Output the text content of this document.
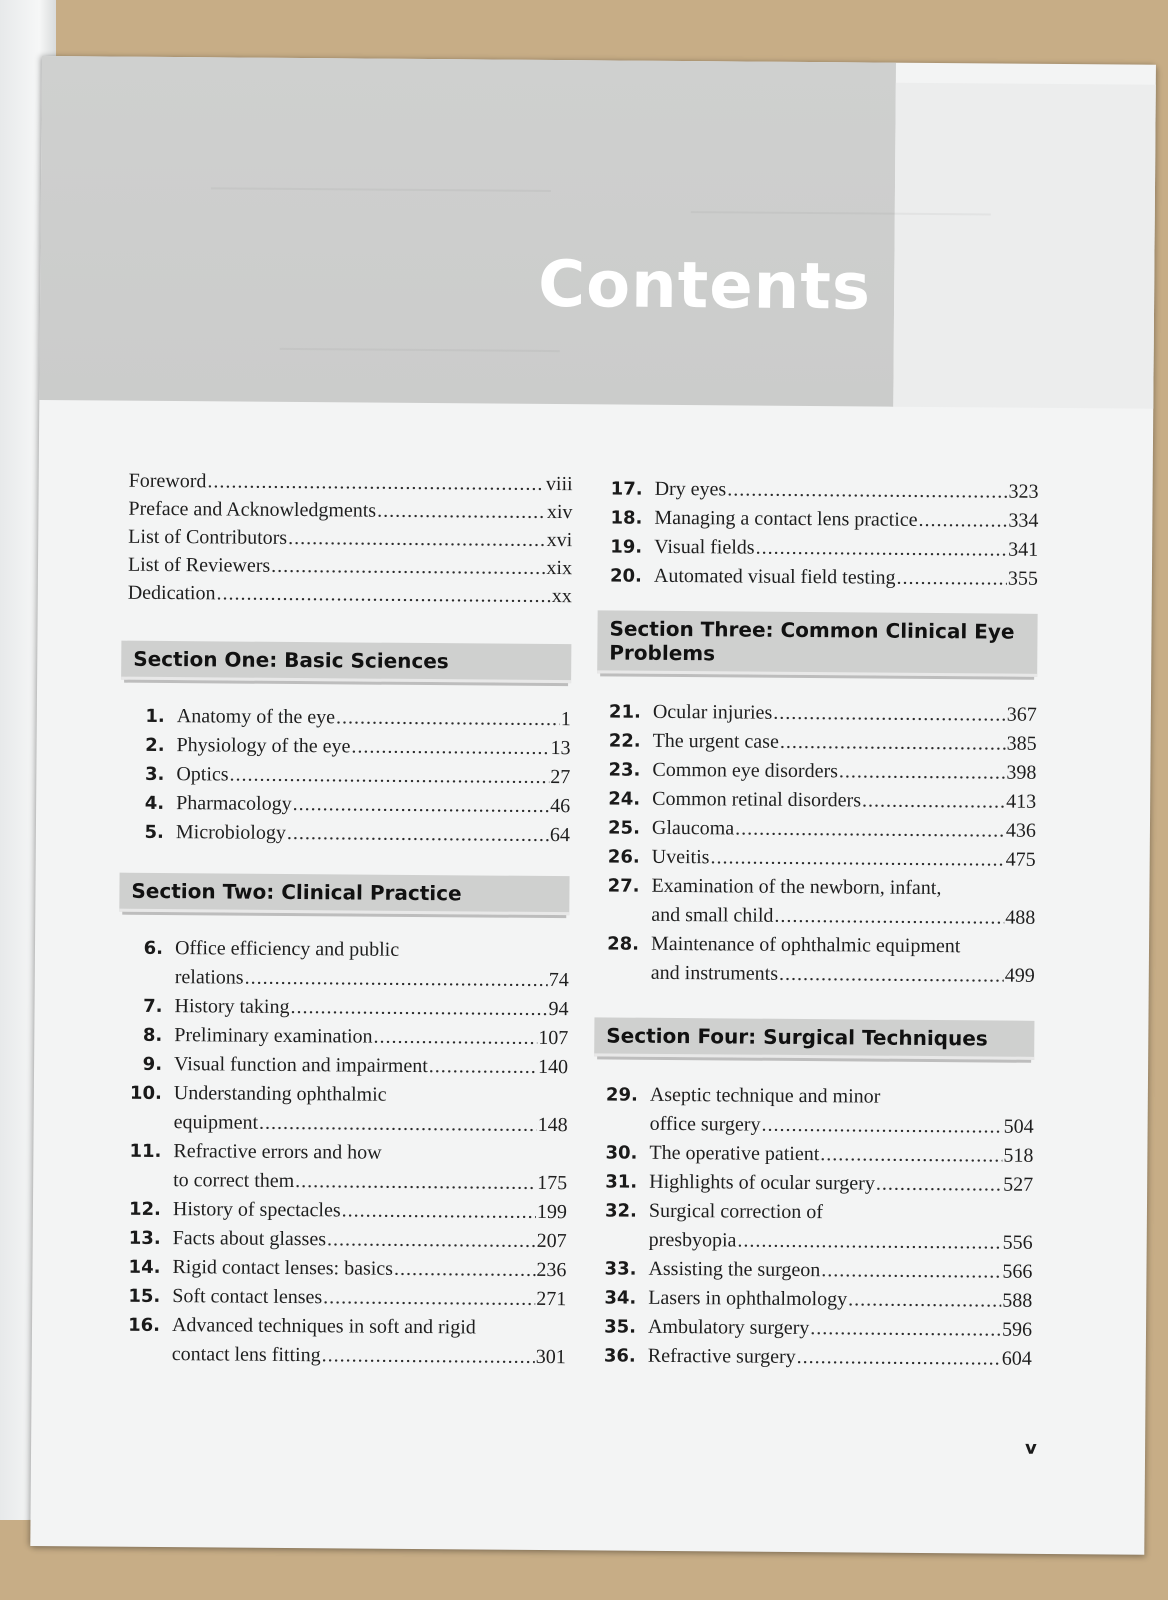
Contents
Foreword .....	viii
Preface and Acknowledgments .....	xiv
List of Contributors .....	xvi
List of Reviewers .....	xix
Dedication .....	xx
Section One: Basic Sciences
1. Anatomy of the eye .....	1
2. Physiology of the eye .....	13
3. Optics .....	27
4. Pharmacology .....	46
5. Microbiology .....	64
Section Two: Clinical Practice
6. Office efficiency and public
relations .....	74
7. History taking .....	94
8. Preliminary examination .....	107
9. Visual function and impairment .....	140
10. Understanding ophthalmic
equipment .....	148
11. Refractive errors and how
to correct them .....	175
12. History of spectacles .....	199
13. Facts about glasses .....	207
14. Rigid contact lenses: basics .....	236
15. Soft contact lenses .....	271
16. Advanced techniques in soft and rigid
contact lens fitting .....	301
17. Dry eyes .....	323
18. Managing a contact lens practice .....	334
19. Visual fields .....	341
20. Automated visual field testing .....	355
Section Three: Common Clinical Eye
Problems
21. Ocular injuries .....	367
22. The urgent case .....	385
23. Common eye disorders .....	398
24. Common retinal disorders .....	413
25. Glaucoma .....	436
26. Uveitis .....	475
27. Examination of the newborn, infant,
and small child .....	488
28. Maintenance of ophthalmic equipment
and instruments .....	499
Section Four: Surgical Techniques
29. Aseptic technique and minor
office surgery .....	504
30. The operative patient .....	518
31. Highlights of ocular surgery .....	527
32. Surgical correction of
presbyopia .....	556
33. Assisting the surgeon .....	566
34. Lasers in ophthalmology .....	588
35. Ambulatory surgery .....	596
36. Refractive surgery .....	604
v
